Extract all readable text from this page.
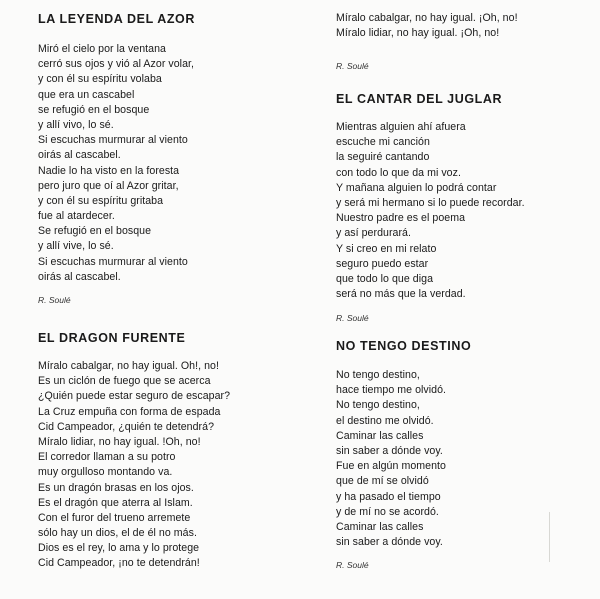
LA LEYENDA DEL AZOR
Miró el cielo por la ventana
cerró sus ojos y vió al Azor volar,
y con él su espíritu volaba
que era un cascabel
se refugió en el bosque
y allí vivo, lo sé.
Si escuchas murmurar al viento
oirás al cascabel.
Nadie lo ha visto en la foresta
pero juro que oí al Azor gritar,
y con él su espíritu gritaba
fue al atardecer.
Se refugió en el bosque
y allí vive, lo sé.
Si escuchas murmurar al viento
oirás al cascabel.
R. Soulé
EL DRAGON FURENTE
Míralo cabalgar, no hay igual. Oh!, no!
Es un ciclón de fuego que se acerca
¿Quién puede estar seguro de escapar?
La Cruz empuña con forma de espada
Cid Campeador, ¿quién te detendrá?
Míralo lidiar, no hay igual. !Oh, no!
El corredor llaman a su potro
muy orgulloso montando va.
Es un dragón brasas en los ojos.
Es el dragón que aterra al Islam.
Con el furor del trueno arremete
sólo hay un dios, el de él no más.
Dios es el rey, lo ama y lo protege
Cid Campeador, ¡no te detendrán!
Míralo cabalgar, no hay igual. ¡Oh, no!
Míralo lidiar, no hay igual. ¡Oh, no!
R. Soulé
EL CANTAR DEL JUGLAR
Mientras alguien ahí afuera
escuche mi canción
la seguiré cantando
con todo lo que da mi voz.
Y mañana alguien lo podrá contar
y será mi hermano si lo puede recordar.
Nuestro padre es el poema
y así perdurará.
Y si creo en mi relato
seguro puedo estar
que todo lo que diga
será no más que la verdad.
R. Soulé
NO TENGO DESTINO
No tengo destino,
hace tiempo me olvidó.
No tengo destino,
el destino me olvidó.
Caminar las calles
sin saber a dónde voy.
Fue en algún momento
que de mí se olvidó
y ha pasado el tiempo
y de mí no se acordó.
Caminar las calles
sin saber a dónde voy.
R. Soulé
